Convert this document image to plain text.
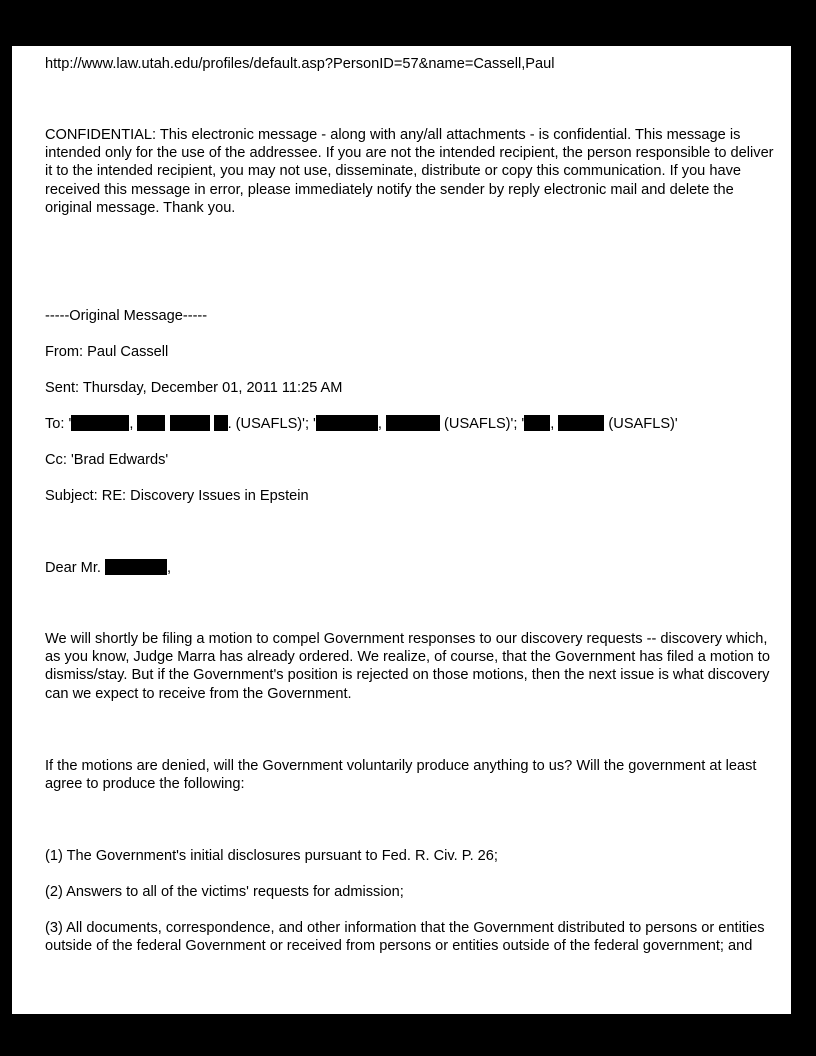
http://www.law.utah.edu/profiles/default.asp?PersonID=57&name=Cassell,Paul
CONFIDENTIAL: This electronic message - along with any/all attachments - is confidential. This message is intended only for the use of the addressee. If you are not the intended recipient, the person responsible to deliver it to the intended recipient, you may not use, disseminate, distribute or copy this communication. If you have received this message in error, please immediately notify the sender by reply electronic mail and delete the original message. Thank you.
-----Original Message-----
From: Paul Cassell
Sent: Thursday, December 01, 2011 11:25 AM
To: '	,	. (USAFLS)'; '	,	(USAFLS)'; ' ,	(USAFLS)'
Cc: 'Brad Edwards'
Subject: RE: Discovery Issues in Epstein
Dear Mr.	,
We will shortly be filing a motion to compel Government responses to our discovery requests -- discovery which, as you know, Judge Marra has already ordered. We realize, of course, that the Government has filed a motion to dismiss/stay. But if the Government's position is rejected on those motions, then the next issue is what discovery can we expect to receive from the Government.
If the motions are denied, will the Government voluntarily produce anything to us? Will the government at least agree to produce the following:
(1) The Government's initial disclosures pursuant to Fed. R. Civ. P. 26;
(2) Answers to all of the victims' requests for admission;
(3) All documents, correspondence, and other information that the Government distributed to persons or entities outside of the federal Government or received from persons or entities outside of the federal government; and
